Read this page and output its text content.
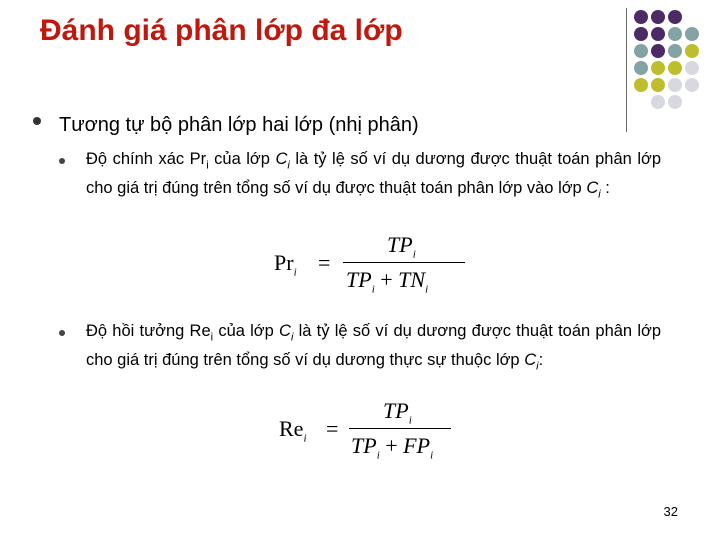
Đánh giá phân lớp đa lớp
Tương tự bộ phân lớp hai lớp (nhị phân)
Độ chính xác $Pr_i$ của lớp $C_i$ là tỷ lệ số ví dụ dương được thuật toán phân lớp cho giá trị đúng trên tổng số ví dụ được thuật toán phân lớp vào lớp $C_i$ :
$Pr_i$ =
$TP_i$
$TP_i + TN_i$
Độ hồi tưởng $Re_i$ của lớp $C_i$ là tỷ lệ số ví dụ dương được thuật toán phân lớp cho giá trị đúng trên tổng số ví dụ dương thực sự thuộc lớp $C_i$:
$Re_i$ =
$TP_i$
$TP_i + FP_i$
32
